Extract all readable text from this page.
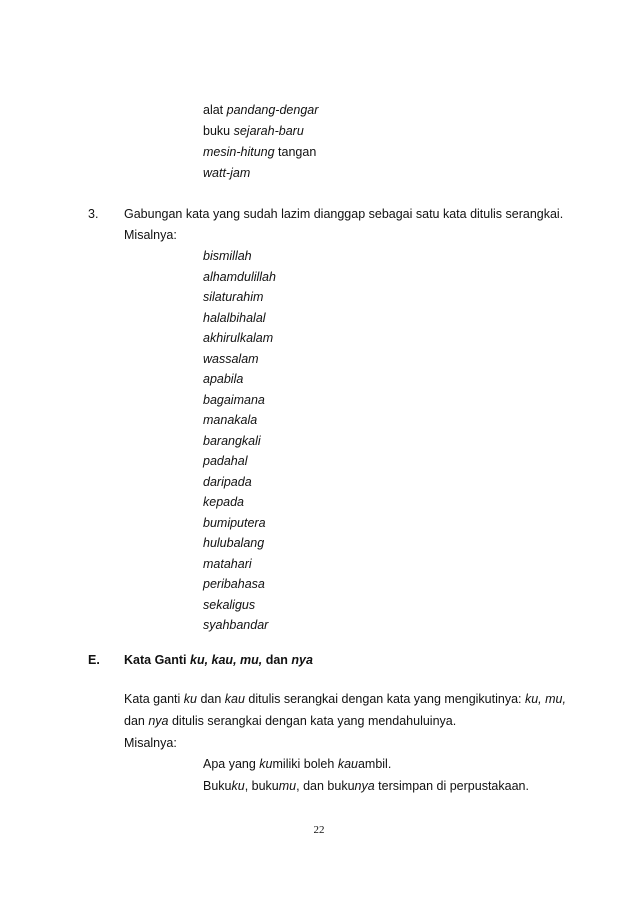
alat pandang-dengar
buku sejarah-baru
mesin-hitung tangan
watt-jam
3. Gabungan kata yang sudah lazim dianggap sebagai satu kata ditulis serangkai.
Misalnya:
bismillah
alhamdulillah
silaturahim
halalbihalal
akhirulkalam
wassalam
apabila
bagaimana
manakala
barangkali
padahal
daripada
kepada
bumiputera
hulubalang
matahari
peribahasa
sekaligus
syahbandar
E. Kata Ganti ku, kau, mu, dan nya
Kata ganti ku dan kau ditulis serangkai dengan kata yang mengikutinya: ku, mu,
dan nya ditulis serangkai dengan kata yang mendahuluinya.
Misalnya:
Apa yang kumiliki boleh kauambil.
Bukuku, bukumu, dan bukunya tersimpan di perpustakaan.
22
